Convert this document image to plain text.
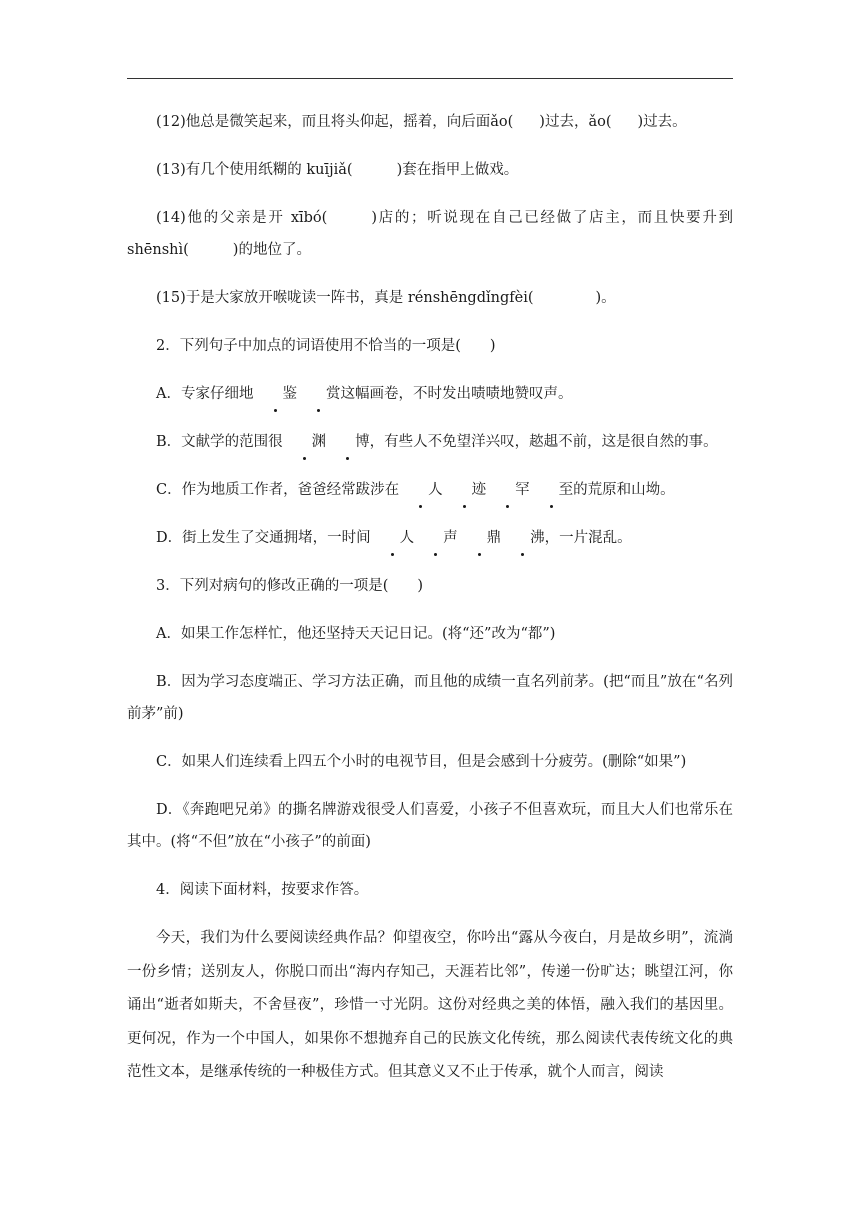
(12)他总是微笑起来，而且将头仰起，摇着，向后面ǎo( )过去，ǎo( )过去。

(13)有几个使用纸糊的 kuījiǎ(	)套在指甲上做戏。

(14)他的父亲是开 xībó(	)店的；听说现在自己已经做了店主，而且快要升到 shēnshì(	)的地位了。

(15)于是大家放开喉咙读一阵书，真是 rénshēngdǐngfèi(	)。

2．下列句子中加点的词语使用不恰当的一项是(　　)

A．专家仔细地 鉴 赏这幅画卷，不时发出啧啧地赞叹声。

B．文献学的范围很 渊 博，有些人不免望洋兴叹，趑趄不前，这是很自然的事。

C．作为地质工作者，爸爸经常跋涉在 人 迹 罕 至的荒原和山坳。

D．街上发生了交通拥堵，一时间 人 声 鼎 沸，一片混乱。

3．下列对病句的修改正确的一项是(　　)

A．如果工作怎样忙，他还坚持天天记日记。(将“还”改为“都”)

B．因为学习态度端正、学习方法正确，而且他的成绩一直名列前茅。(把“而且”放在“名列前茅”前)

C．如果人们连续看上四五个小时的电视节目，但是会感到十分疲劳。(删除“如果”)

D．《奔跑吧兄弟》的撕名牌游戏很受人们喜爱，小孩子不但喜欢玩，而且大人们也常乐在其中。(将“不但”放在“小孩子”的前面)

4．阅读下面材料，按要求作答。

今天，我们为什么要阅读经典作品？仰望夜空，你吟出“露从今夜白，月是故乡明”，流淌一份乡情；送别友人，你脱口而出“海内存知己，天涯若比邻”，传递一份旷达；眺望江河，你诵出“逝者如斯夫，不舍昼夜”，珍惜一寸光阴。这份对经典之美的体悟，融入我们的基因里。更何况，作为一个中国人，如果你不想抛弃自己的民族文化传统，那么阅读代表传统文化的典范性文本，是继承传统的一种极佳方式。但其意义又不止于传承，就个人而言，阅读
